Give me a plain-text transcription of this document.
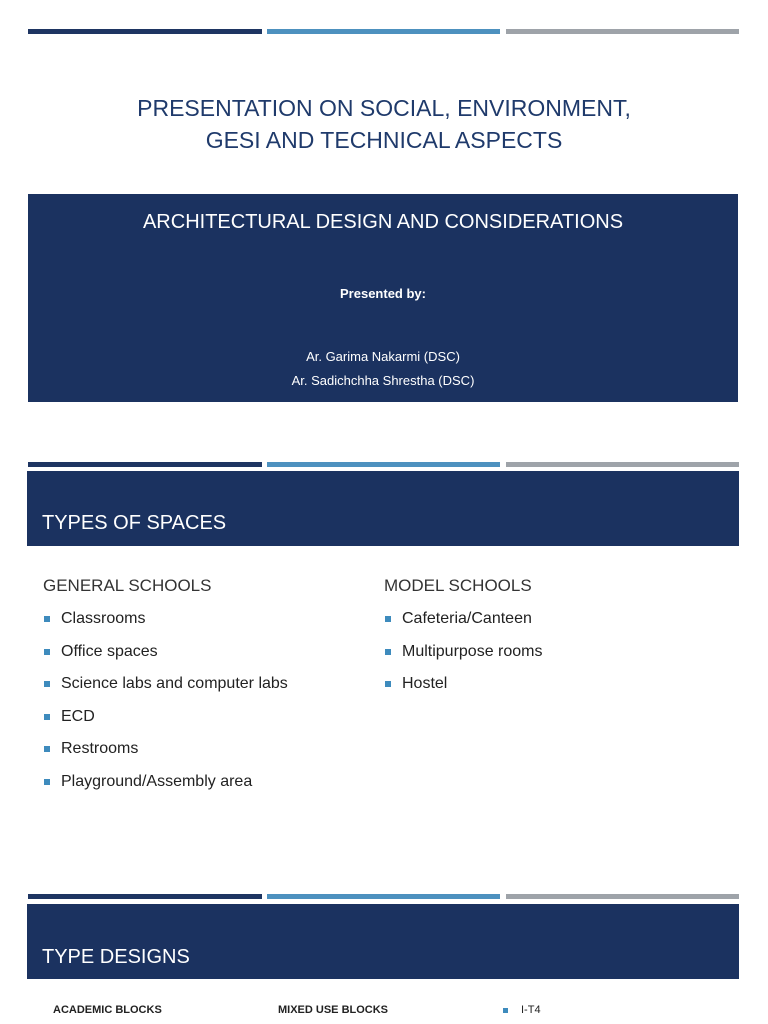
PRESENTATION ON SOCIAL, ENVIRONMENT,
GESI AND TECHNICAL ASPECTS
ARCHITECTURAL DESIGN AND CONSIDERATIONS
Presented by:
Ar. Garima Nakarmi (DSC)
Ar. Sadichchha Shrestha (DSC)
TYPES OF SPACES
GENERAL SCHOOLS
Classrooms
Office spaces
Science labs and computer labs
ECD
Restrooms
Playground/Assembly area
MODEL SCHOOLS
Cafeteria/Canteen
Multipurpose rooms
Hostel
TYPE DESIGNS
ACADEMIC BLOCKS	MIXED USE BLOCKS	I-T4
